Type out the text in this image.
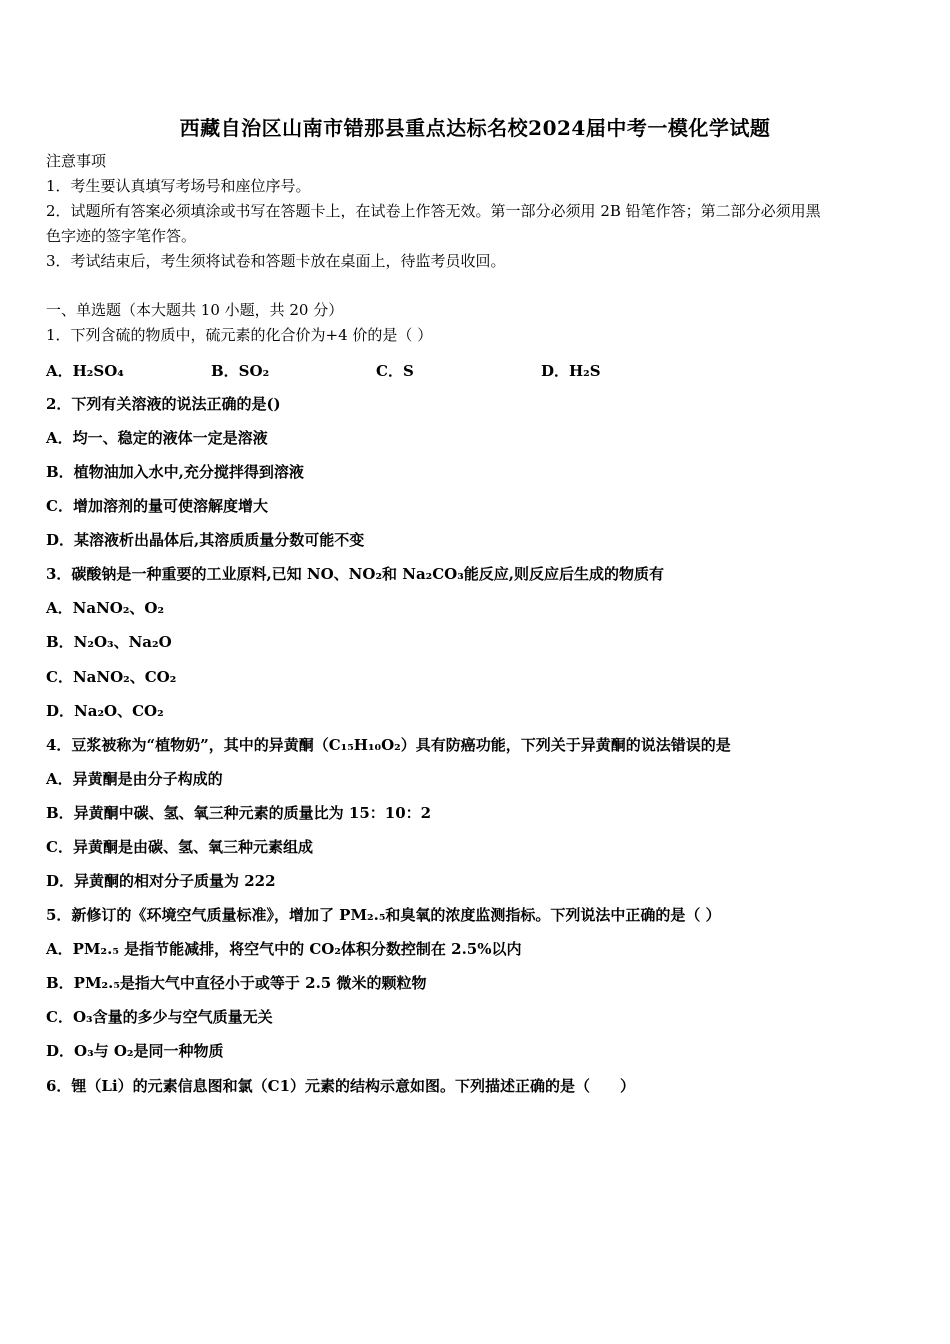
西藏自治区山南市错那县重点达标名校2024届中考一模化学试题
注意事项
1．考生要认真填写考场号和座位序号。
2．试题所有答案必须填涂或书写在答题卡上，在试卷上作答无效。第一部分必须用 2B 铅笔作答；第二部分必须用黑
色字迹的签字笔作答。
3．考试结束后，考生须将试卷和答题卡放在桌面上，待监考员收回。
一、单选题（本大题共 10 小题，共 20 分）
1．下列含硫的物质中，硫元素的化合价为+4 价的是（ ）
A．H₂SO₄	B．SO₂	C．S	D．H₂S
2．下列有关溶液的说法正确的是()
A．均一、稳定的液体一定是溶液
B．植物油加入水中,充分搅拌得到溶液
C．增加溶剂的量可使溶解度增大
D．某溶液析出晶体后,其溶质质量分数可能不变
3．碳酸钠是一种重要的工业原料,已知 NO、NO₂和 Na₂CO₃能反应,则反应后生成的物质有
A．NaNO₂、O₂
B．N₂O₃、Na₂O
C．NaNO₂、CO₂
D．Na₂O、CO₂
4．豆浆被称为“植物奶”，其中的异黄酮（C₁₅H₁₀O₂）具有防癌功能，下列关于异黄酮的说法错误的是
A．异黄酮是由分子构成的
B．异黄酮中碳、氢、氧三种元素的质量比为 15：10：2
C．异黄酮是由碳、氢、氧三种元素组成
D．异黄酮的相对分子质量为 222
5．新修订的《环境空气质量标准》，增加了 PM₂.₅和臭氧的浓度监测指标。下列说法中正确的是（ ）
A．PM₂.₅ 是指节能减排，将空气中的 CO₂体积分数控制在 2.5%以内
B．PM₂.₅是指大气中直径小于或等于 2.5 微米的颗粒物
C．O₃含量的多少与空气质量无关
D．O₃与 O₂是同一种物质
6．锂（Li）的元素信息图和氯（C1）元素的结构示意如图。下列描述正确的是（　　）
